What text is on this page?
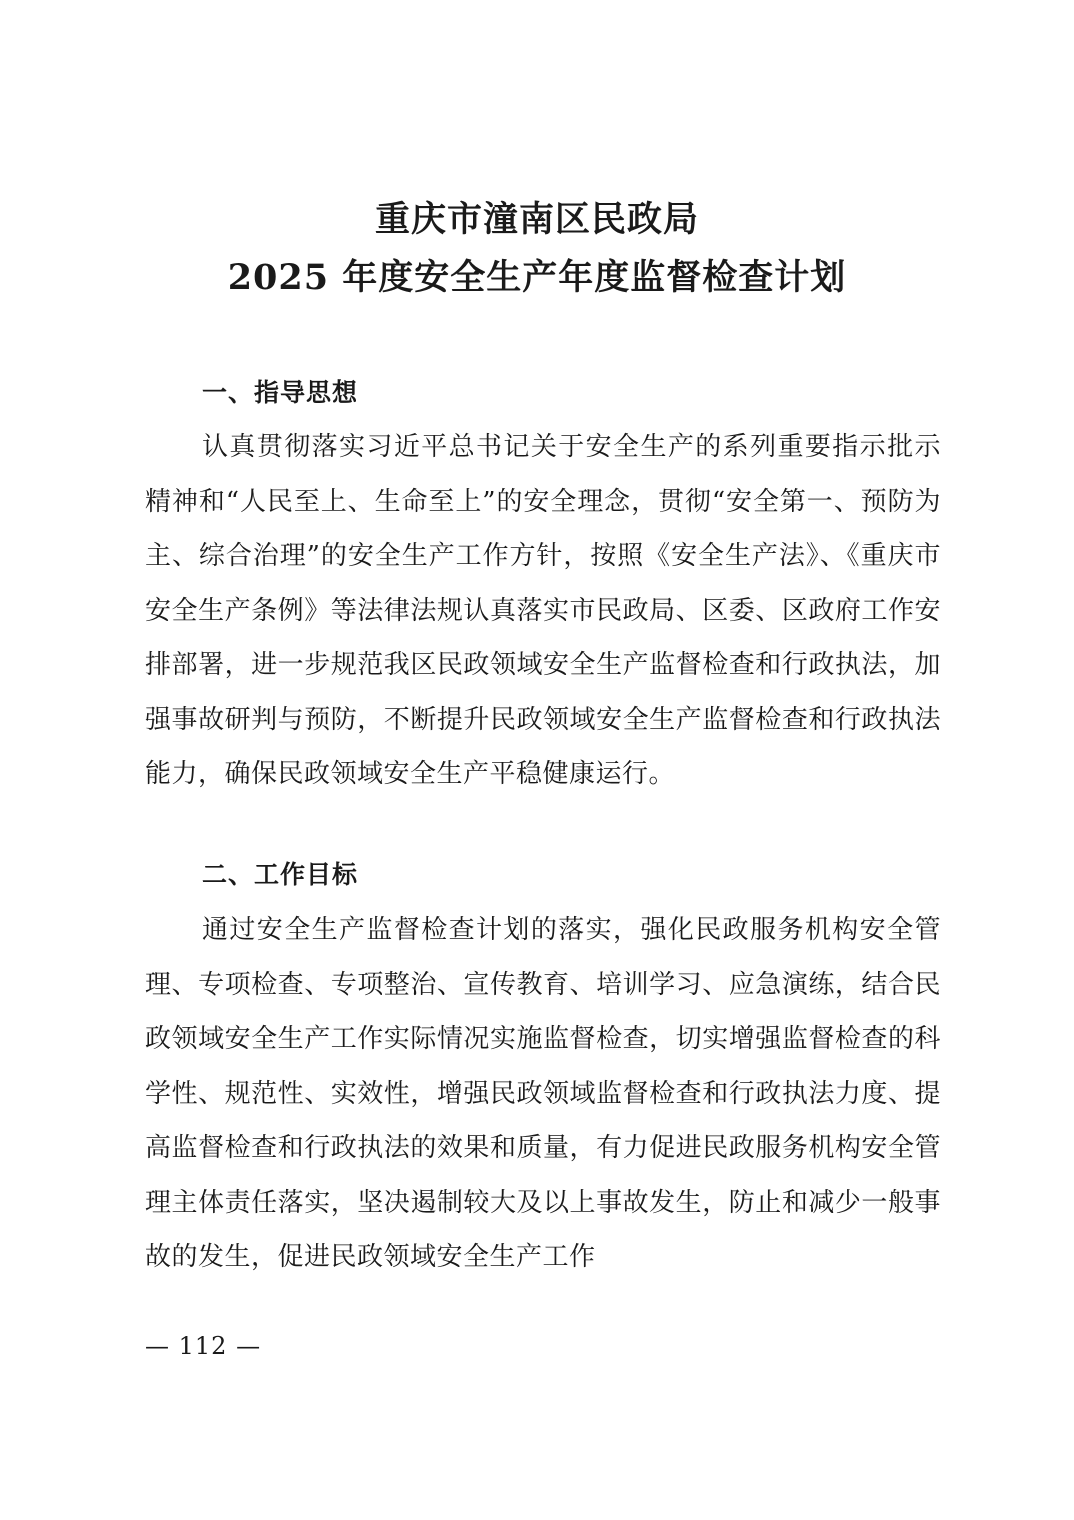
重庆市潼南区民政局
2025 年度安全生产年度监督检查计划
一、指导思想

认真贯彻落实习近平总书记关于安全生产的系列重要指示批示精神和“人民至上、生命至上”的安全理念，贯彻“安全第一、预防为主、综合治理”的安全生产工作方针，按照《安全生产法》、《重庆市安全生产条例》等法律法规认真落实市民政局、区委、区政府工作安排部署，进一步规范我区民政领域安全生产监督检查和行政执法，加强事故研判与预防，不断提升民政领域安全生产监督检查和行政执法能力，确保民政领域安全生产平稳健康运行。

二、工作目标

通过安全生产监督检查计划的落实，强化民政服务机构安全管理、专项检查、专项整治、宣传教育、培训学习、应急演练，结合民政领域安全生产工作实际情况实施监督检查，切实增强监督检查的科学性、规范性、实效性，增强民政领域监督检查和行政执法力度、提高监督检查和行政执法的效果和质量，有力促进民政服务机构安全管理主体责任落实，坚决遏制较大及以上事故发生，防止和减少一般事故的发生，促进民政领域安全生产工作

— 112 —
